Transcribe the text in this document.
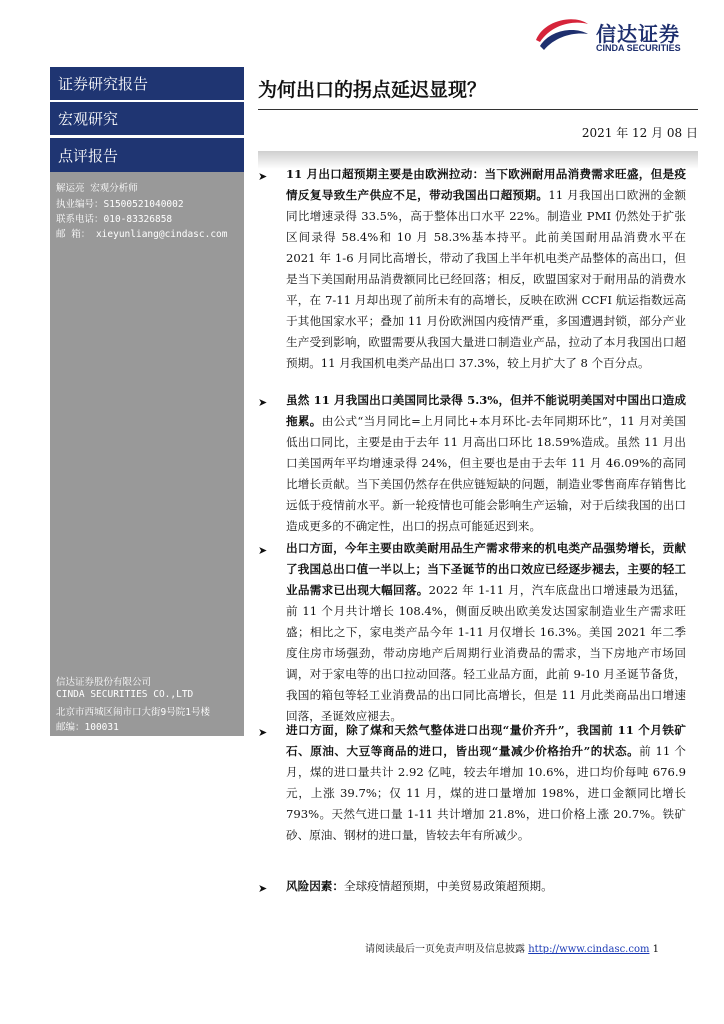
信达证券
CINDA SECURITIES
证券研究报告
宏观研究
点评报告
解运亮 宏观分析师
执业编号：S1500521040002
联系电话：010-83326858
邮 箱： xieyunliang@cindasc.com
信达证券股份有限公司
CINDA SECURITIES CO.,LTD
北京市西城区闹市口大街9号院1号楼
邮编：100031
为何出口的拐点延迟显现？
2021 年 12 月 08 日
➤ 11 月出口超预期主要是由欧洲拉动：当下欧洲耐用品消费需求旺盛，但是疫情反复导致生产供应不足，带动我国出口超预期。11 月我国出口欧洲的金额同比增速录得 33.5%，高于整体出口水平 22%。制造业 PMI 仍然处于扩张区间录得 58.4%和 10 月 58.3%基本持平。此前美国耐用品消费水平在 2021 年 1-6 月同比高增长，带动了我国上半年机电类产品整体的高出口，但是当下美国耐用品消费额同比已经回落；相反，欧盟国家对于耐用品的消费水平，在 7-11 月却出现了前所未有的高增长，反映在欧洲 CCFI 航运指数远高于其他国家水平；叠加 11 月份欧洲国内疫情严重，多国遭遇封锁，部分产业生产受到影响，欧盟需要从我国大量进口制造业产品，拉动了本月我国出口超预期。11 月我国机电类产品出口 37.3%，较上月扩大了 8 个百分点。
➤ 虽然 11 月我国出口美国同比录得 5.3%，但并不能说明美国对中国出口造成拖累。由公式“当月同比=上月同比+本月环比-去年同期环比”，11 月对美国低出口同比，主要是由于去年 11 月高出口环比 18.59%造成。虽然 11 月出口美国两年平均增速录得 24%，但主要也是由于去年 11 月 46.09%的高同比增长贡献。当下美国仍然存在供应链短缺的问题，制造业零售商库存销售比远低于疫情前水平。新一轮疫情也可能会影响生产运输，对于后续我国的出口造成更多的不确定性，出口的拐点可能延迟到来。
➤ 出口方面，今年主要由欧美耐用品生产需求带来的机电类产品强势增长，贡献了我国总出口值一半以上；当下圣诞节的出口效应已经逐步褪去，主要的轻工业品需求已出现大幅回落。2022 年 1-11 月，汽车底盘出口增速最为迅猛，前 11 个月共计增长 108.4%，侧面反映出欧美发达国家制造业生产需求旺盛；相比之下，家电类产品今年 1-11 月仅增长 16.3%。美国 2021 年二季度住房市场强劲，带动房地产后周期行业消费品的需求，当下房地产市场回调，对于家电等的出口拉动回落。轻工业品方面，此前 9-10 月圣诞节备货，我国的箱包等轻工业消费品的出口同比高增长，但是 11 月此类商品出口增速回落，圣诞效应褪去。
➤ 进口方面，除了煤和天然气整体进口出现“量价齐升”，我国前 11 个月铁矿石、原油、大豆等商品的进口，皆出现“量减少价格抬升”的状态。前 11 个月，煤的进口量共计 2.92 亿吨，较去年增加 10.6%，进口均价每吨 676.9 元，上涨 39.7%；仅 11 月，煤的进口量增加 198%，进口金额同比增长 793%。天然气进口量 1-11 共计增加 21.8%，进口价格上涨 20.7%。铁矿砂、原油、钢材的进口量，皆较去年有所减少。
➤ 风险因素：全球疫情超预期，中美贸易政策超预期。
请阅读最后一页免责声明及信息披露 http://www.cindasc.com 1
